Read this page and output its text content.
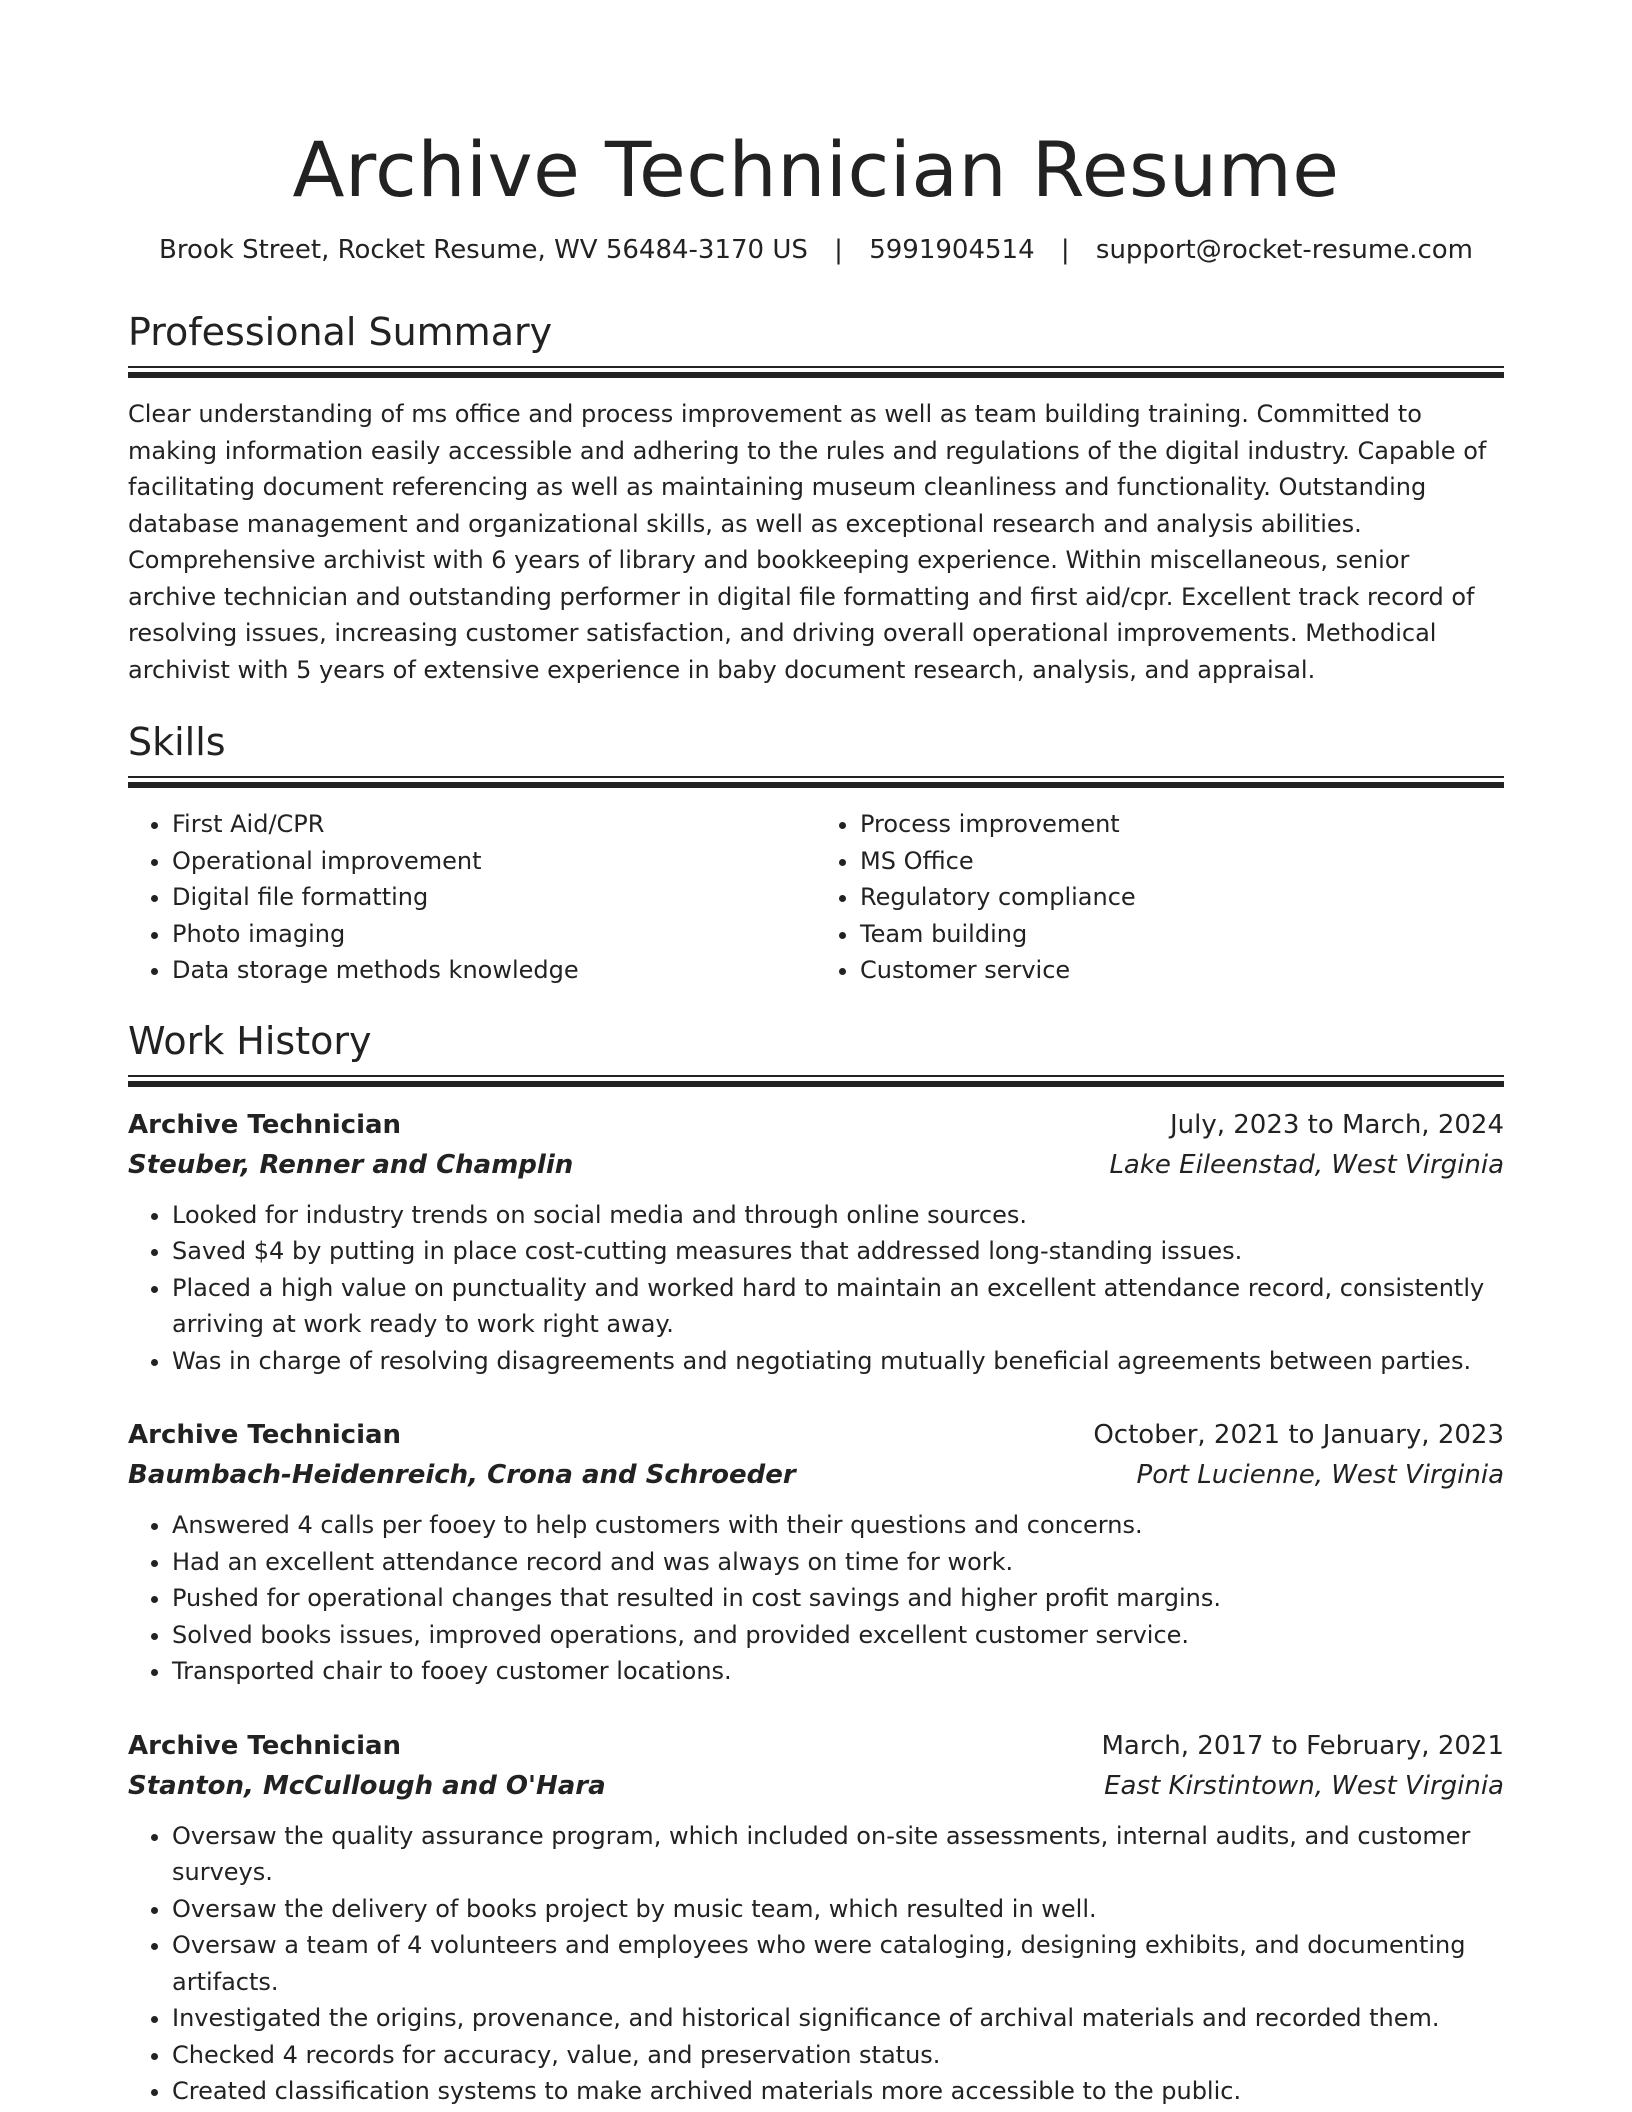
Archive Technician Resume
Brook Street, Rocket Resume, WV 56484-3170 US | 5991904514 | support@rocket-resume.com
Professional Summary

Clear understanding of ms office and process improvement as well as team building training. Committed to making information easily accessible and adhering to the rules and regulations of the digital industry. Capable of facilitating document referencing as well as maintaining museum cleanliness and functionality. Outstanding database management and organizational skills, as well as exceptional research and analysis abilities. Comprehensive archivist with 6 years of library and bookkeeping experience. Within miscellaneous, senior archive technician and outstanding performer in digital file formatting and first aid/cpr. Excellent track record of resolving issues, increasing customer satisfaction, and driving overall operational improvements. Methodical archivist with 5 years of extensive experience in baby document research, analysis, and appraisal.

Skills
• First Aid/CPR
• Operational improvement
• Digital file formatting
• Photo imaging
• Data storage methods knowledge
• Process improvement
• MS Office
• Regulatory compliance
• Team building
• Customer service
Work History
Archive Technician	July, 2023 to March, 2024
Steuber, Renner and Champlin	Lake Eileenstad, West Virginia
• Looked for industry trends on social media and through online sources.
• Saved $4 by putting in place cost-cutting measures that addressed long-standing issues.
• Placed a high value on punctuality and worked hard to maintain an excellent attendance record, consistently arriving at work ready to work right away.
• Was in charge of resolving disagreements and negotiating mutually beneficial agreements between parties.
Archive Technician	October, 2021 to January, 2023
Baumbach-Heidenreich, Crona and Schroeder	Port Lucienne, West Virginia
• Answered 4 calls per fooey to help customers with their questions and concerns.
• Had an excellent attendance record and was always on time for work.
• Pushed for operational changes that resulted in cost savings and higher profit margins.
• Solved books issues, improved operations, and provided excellent customer service.
• Transported chair to fooey customer locations.
Archive Technician	March, 2017 to February, 2021
Stanton, McCullough and O'Hara	East Kirstintown, West Virginia
• Oversaw the quality assurance program, which included on-site assessments, internal audits, and customer surveys.
• Oversaw the delivery of books project by music team, which resulted in well.
• Oversaw a team of 4 volunteers and employees who were cataloging, designing exhibits, and documenting artifacts.
• Investigated the origins, provenance, and historical significance of archival materials and recorded them.
• Checked 4 records for accuracy, value, and preservation status.
• Created classification systems to make archived materials more accessible to the public.
